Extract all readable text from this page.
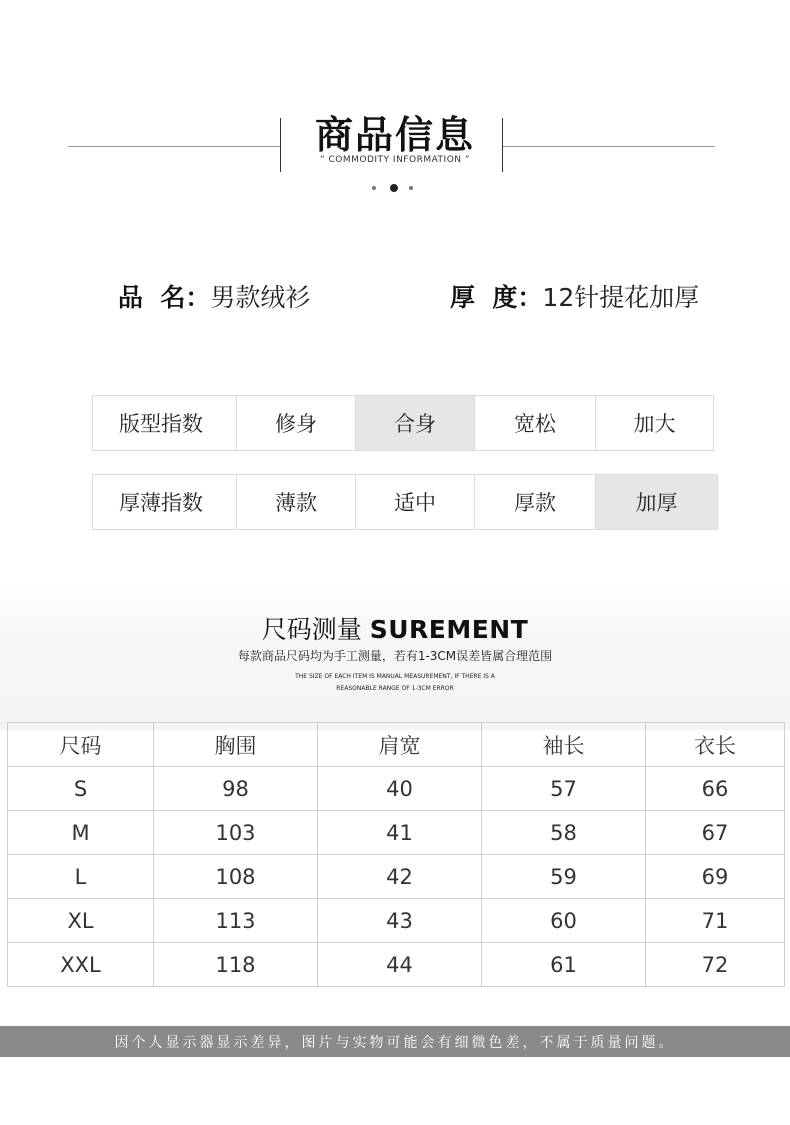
商品信息
“ COMMODITY INFORMATION ”
品  名：男款绒衫	厚  度：12针提花加厚
版型指数	修身	合身	宽松	加大
厚薄指数	薄款	适中	厚款	加厚
尺码测量 SUREMENT
每款商品尺码均为手工测量，若有1-3CM误差皆属合理范围
THE SIZE OF EACH ITEM IS MANUAL MEASUREMENT, IF THERE IS A
REASONABLE RANGE OF 1-3CM ERROR
尺码	胸围	肩宽	袖长	衣长
S	98	40	57	66
M	103	41	58	67
L	108	42	59	69
XL	113	43	60	71
XXL	118	44	61	72
因个人显示器显示差异，图片与实物可能会有细微色差，不属于质量问题。
